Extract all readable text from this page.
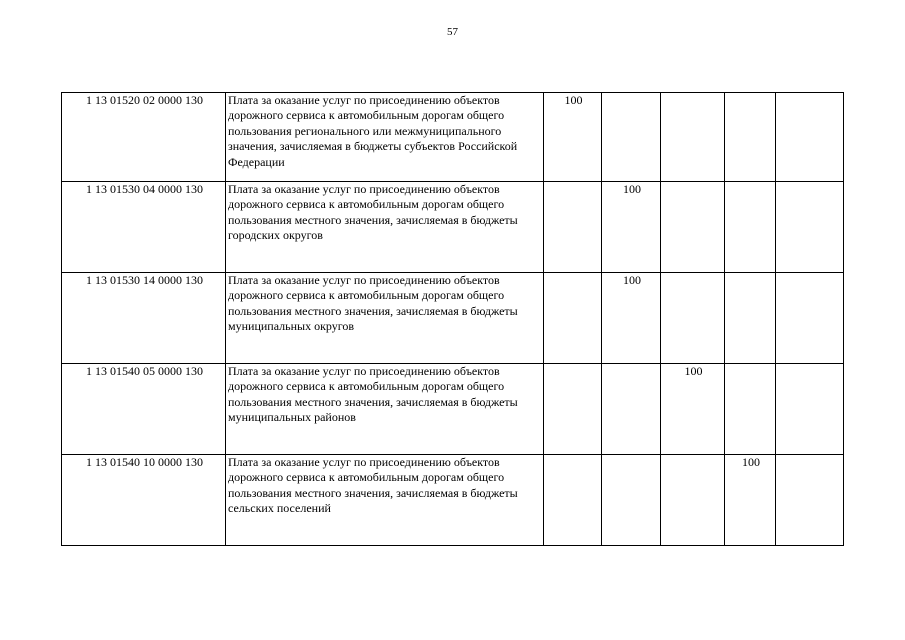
57
1 13 01520 02 0000 130	Плата за оказание услуг по присоединению объектов дорожного сервиса к автомобильным дорогам общего пользования регионального или межмуниципального значения, зачисляемая в бюджеты субъектов Российской Федерации	100				
1 13 01530 04 0000 130	Плата за оказание услуг по присоединению объектов дорожного сервиса к автомобильным дорогам общего пользования местного значения, зачисляемая в бюджеты городских округов		100			
1 13 01530 14 0000 130	Плата за оказание услуг по присоединению объектов дорожного сервиса к автомобильным дорогам общего пользования местного значения, зачисляемая в бюджеты муниципальных округов		100			
1 13 01540 05 0000 130	Плата за оказание услуг по присоединению объектов дорожного сервиса к автомобильным дорогам общего пользования местного значения, зачисляемая в бюджеты муниципальных районов			100		
1 13 01540 10 0000 130	Плата за оказание услуг по присоединению объектов дорожного сервиса к автомобильным дорогам общего пользования местного значения, зачисляемая в бюджеты сельских поселений				100	
